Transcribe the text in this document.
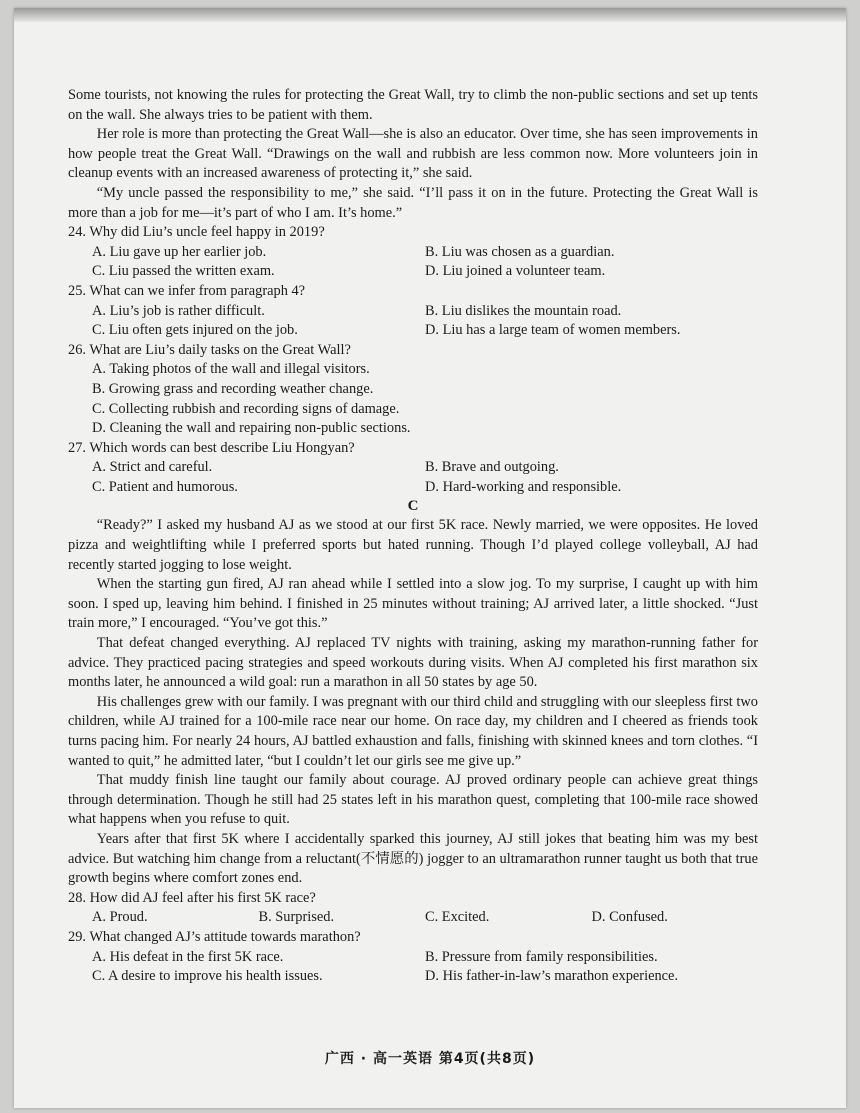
Some tourists, not knowing the rules for protecting the Great Wall, try to climb the non-public sections and set up tents on the wall. She always tries to be patient with them.

Her role is more than protecting the Great Wall—she is also an educator. Over time, she has seen improvements in how people treat the Great Wall. “Drawings on the wall and rubbish are less common now. More volunteers join in cleanup events with an increased awareness of protecting it,” she said.

“My uncle passed the responsibility to me,” she said. “I’ll pass it on in the future. Protecting the Great Wall is more than a job for me—it’s part of who I am. It’s home.”

24. Why did Liu’s uncle feel happy in 2019?
A. Liu gave up her earlier job.	B. Liu was chosen as a guardian.
C. Liu passed the written exam.	D. Liu joined a volunteer team.
25. What can we infer from paragraph 4?
A. Liu’s job is rather difficult.	B. Liu dislikes the mountain road.
C. Liu often gets injured on the job.	D. Liu has a large team of women members.
26. What are Liu’s daily tasks on the Great Wall?
A. Taking photos of the wall and illegal visitors.
B. Growing grass and recording weather change.
C. Collecting rubbish and recording signs of damage.
D. Cleaning the wall and repairing non-public sections.
27. Which words can best describe Liu Hongyan?
A. Strict and careful.	B. Brave and outgoing.
C. Patient and humorous.	D. Hard-working and responsible.
C

“Ready?” I asked my husband AJ as we stood at our first 5K race. Newly married, we were opposites. He loved pizza and weightlifting while I preferred sports but hated running. Though I’d played college volleyball, AJ had recently started jogging to lose weight.

When the starting gun fired, AJ ran ahead while I settled into a slow jog. To my surprise, I caught up with him soon. I sped up, leaving him behind. I finished in 25 minutes without training; AJ arrived later, a little shocked. “Just train more,” I encouraged. “You’ve got this.”

That defeat changed everything. AJ replaced TV nights with training, asking my marathon-running father for advice. They practiced pacing strategies and speed workouts during visits. When AJ completed his first marathon six months later, he announced a wild goal: run a marathon in all 50 states by age 50.

His challenges grew with our family. I was pregnant with our third child and struggling with our sleepless first two children, while AJ trained for a 100-mile race near our home. On race day, my children and I cheered as friends took turns pacing him. For nearly 24 hours, AJ battled exhaustion and falls, finishing with skinned knees and torn clothes. “I wanted to quit,” he admitted later, “but I couldn’t let our girls see me give up.”

That muddy finish line taught our family about courage. AJ proved ordinary people can achieve great things through determination. Though he still had 25 states left in his marathon quest, completing that 100-mile race showed what happens when you refuse to quit.

Years after that first 5K where I accidentally sparked this journey, AJ still jokes that beating him was my best advice. But watching him change from a reluctant(不情愿的) jogger to an ultramarathon runner taught us both that true growth begins where comfort zones end.

28. How did AJ feel after his first 5K race?
A. Proud.	B. Surprised.	C. Excited.	D. Confused.
29. What changed AJ’s attitude towards marathon?
A. His defeat in the first 5K race.	B. Pressure from family responsibilities.
C. A desire to improve his health issues.	D. His father-in-law’s marathon experience.
广西 · 高一英语 第4页(共8页)
